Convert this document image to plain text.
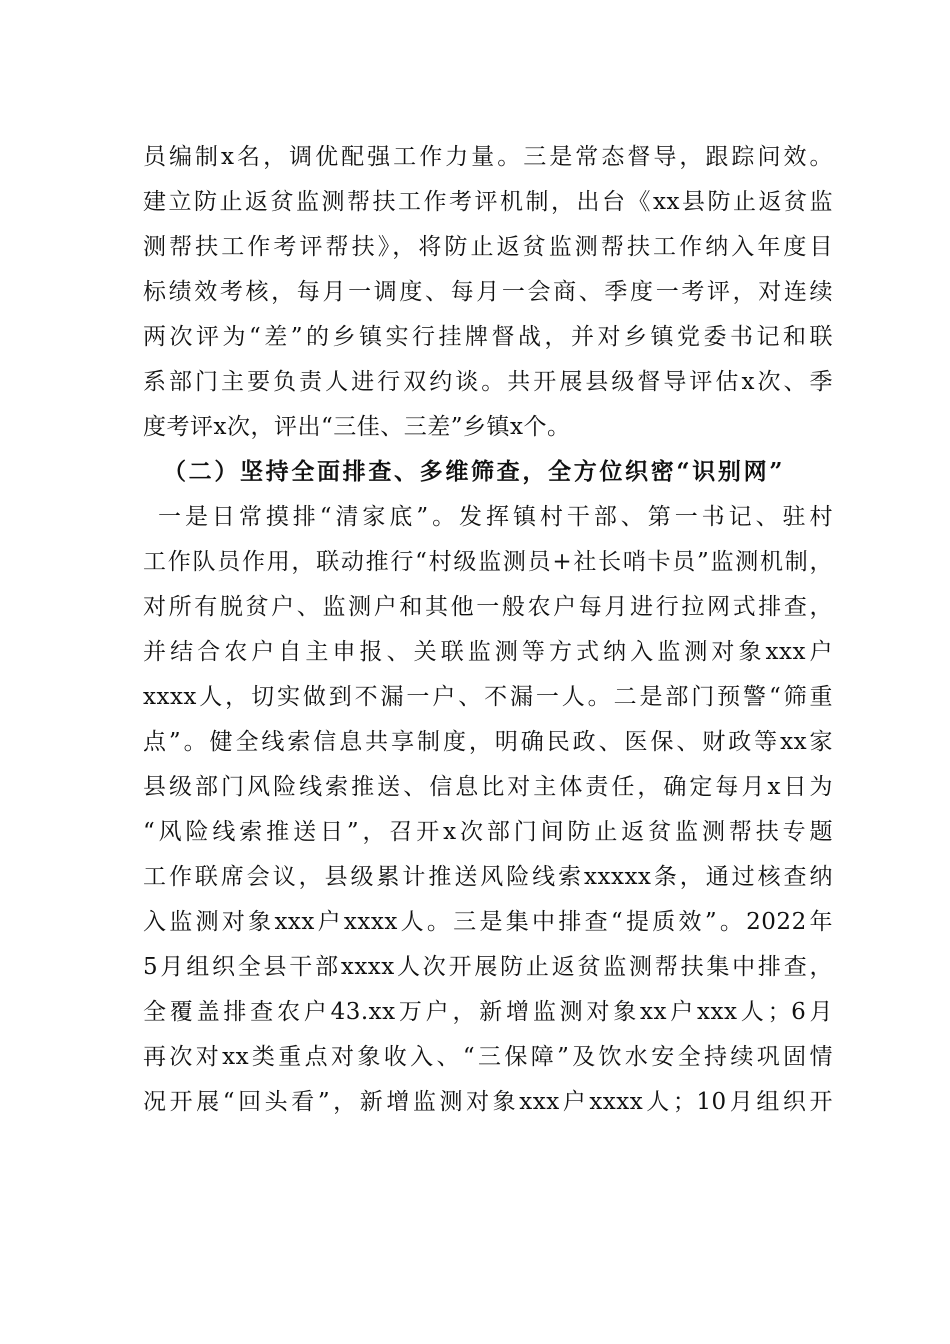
员编制x名，调优配强工作力量。三是常态督导，跟踪问效。
建立防止返贫监测帮扶工作考评机制，出台《xx县防止返贫监
测帮扶工作考评帮扶》，将防止返贫监测帮扶工作纳入年度目
标绩效考核，每月一调度、每月一会商、季度一考评，对连续
两次评为“差”的乡镇实行挂牌督战，并对乡镇党委书记和联
系部门主要负责人进行双约谈。共开展县级督导评估x次、季
度考评x次，评出“三佳、三差”乡镇x个。
（二）坚持全面排查、多维筛查，全方位织密“识别网”
一是日常摸排“清家底”。发挥镇村干部、第一书记、驻村
工作队员作用，联动推行“村级监测员+社长哨卡员”监测机制，
对所有脱贫户、监测户和其他一般农户每月进行拉网式排查，
并结合农户自主申报、关联监测等方式纳入监测对象xxx户
xxxx人，切实做到不漏一户、不漏一人。二是部门预警“筛重
点”。健全线索信息共享制度，明确民政、医保、财政等xx家
县级部门风险线索推送、信息比对主体责任，确定每月x日为
“风险线索推送日”，召开x次部门间防止返贫监测帮扶专题
工作联席会议，县级累计推送风险线索xxxxx条，通过核查纳
入监测对象xxx户xxxx人。三是集中排查“提质效”。2022年
5月组织全县干部xxxx人次开展防止返贫监测帮扶集中排查，
全覆盖排查农户43.xx万户，新增监测对象xx户xxx人；6月
再次对xx类重点对象收入、“三保障”及饮水安全持续巩固情
况开展“回头看”，新增监测对象xxx户xxxx人；10月组织开
